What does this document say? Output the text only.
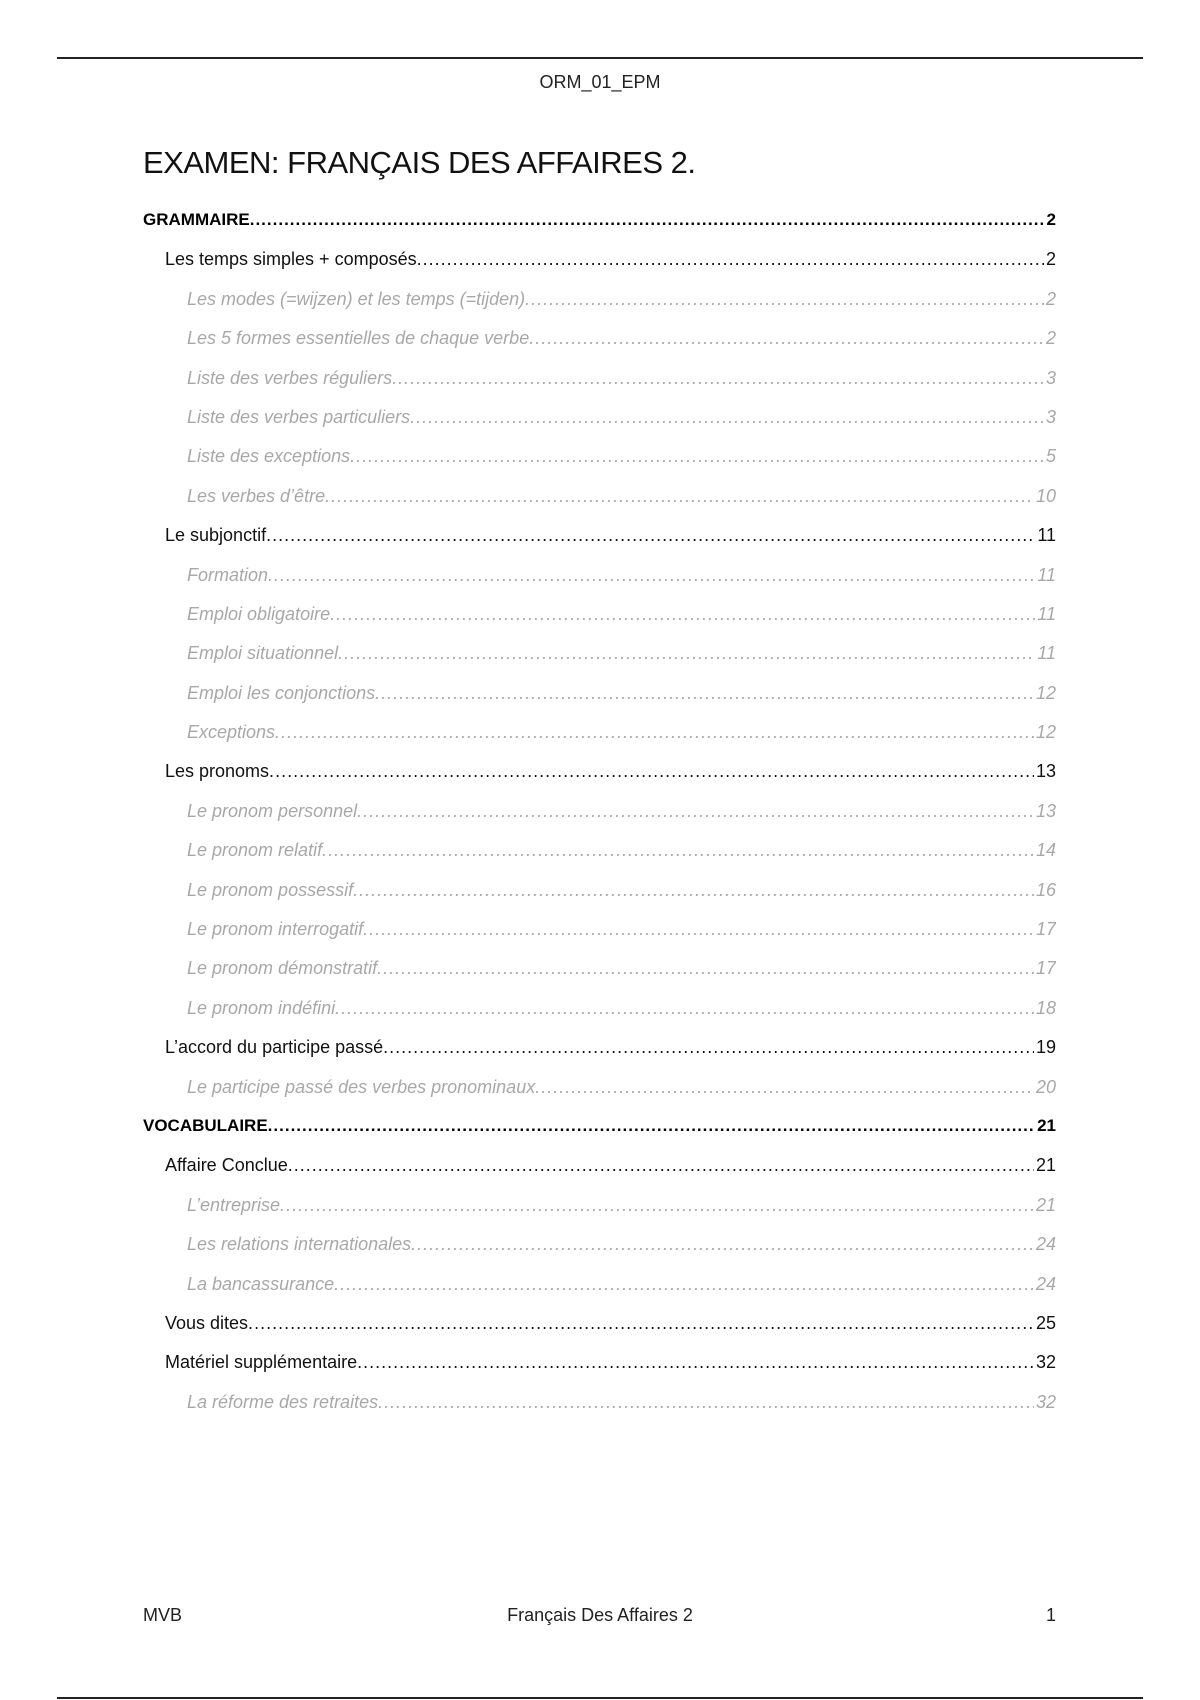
ORM_01_EPM
EXAMEN: FRANÇAIS DES AFFAIRES 2.
GRAMMAIRE. .....	2
Les temps simples + composés. .....	2
Les modes (=wijzen) et les temps (=tijden). .....	2
Les 5 formes essentielles de chaque verbe. .....	2
Liste des verbes réguliers. .....	3
Liste des verbes particuliers. .....	3
Liste des exceptions. .....	5
Les verbes d’être. .....	10
Le subjonctif. .....	11
Formation. .....	11
Emploi obligatoire. .....	11
Emploi situationnel. .....	11
Emploi les conjonctions. .....	12
Exceptions. .....	12
Les pronoms. .....	13
Le pronom personnel. .....	13
Le pronom relatif. .....	14
Le pronom possessif. .....	16
Le pronom interrogatif. .....	17
Le pronom démonstratif. .....	17
Le pronom indéfini. .....	18
L’accord du participe passé. .....	19
Le participe passé des verbes pronominaux. .....	20
VOCABULAIRE. .....	21
Affaire Conclue. .....	21
L’entreprise. .....	21
Les relations internationales. .....	24
La bancassurance. .....	24
Vous dites. .....	25
Matériel supplémentaire. .....	32
La réforme des retraites. .....	32
MVB	Français Des Affaires 2	1
